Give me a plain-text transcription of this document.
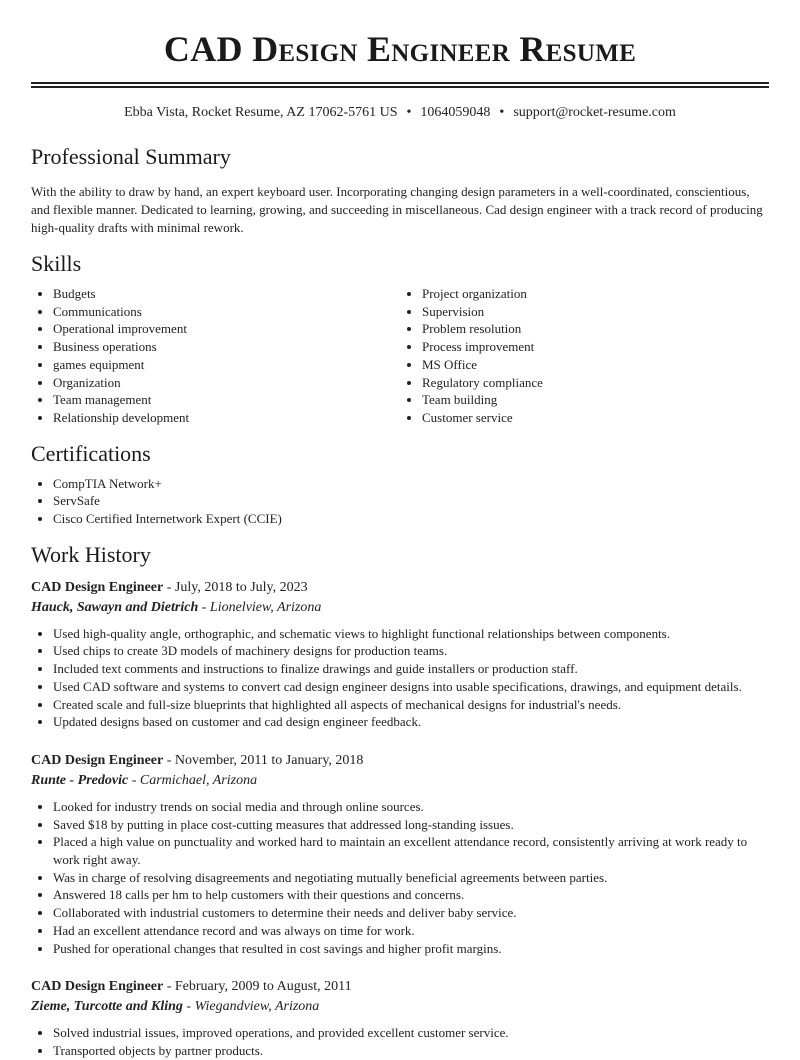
CAD Design Engineer Resume
Ebba Vista, Rocket Resume, AZ 17062-5761 US • 1064059048 • support@rocket-resume.com
Professional Summary

With the ability to draw by hand, an expert keyboard user. Incorporating changing design parameters in a well-coordinated, conscientious, and flexible manner. Dedicated to learning, growing, and succeeding in miscellaneous. Cad design engineer with a track record of producing high-quality drafts with minimal rework.

Skills
• Budgets
• Communications
• Operational improvement
• Business operations
• games equipment
• Organization
• Team management
• Relationship development
• Project organization
• Supervision
• Problem resolution
• Process improvement
• MS Office
• Regulatory compliance
• Team building
• Customer service
Certifications
• CompTIA Network+
• ServSafe
• Cisco Certified Internetwork Expert (CCIE)
Work History
CAD Design Engineer - July, 2018 to July, 2023
Hauck, Sawayn and Dietrich - Lionelview, Arizona
• Used high-quality angle, orthographic, and schematic views to highlight functional relationships between components.
• Used chips to create 3D models of machinery designs for production teams.
• Included text comments and instructions to finalize drawings and guide installers or production staff.
• Used CAD software and systems to convert cad design engineer designs into usable specifications, drawings, and equipment details.
• Created scale and full-size blueprints that highlighted all aspects of mechanical designs for industrial's needs.
• Updated designs based on customer and cad design engineer feedback.
CAD Design Engineer - November, 2011 to January, 2018
Runte - Predovic - Carmichael, Arizona
• Looked for industry trends on social media and through online sources.
• Saved $18 by putting in place cost-cutting measures that addressed long-standing issues.
• Placed a high value on punctuality and worked hard to maintain an excellent attendance record, consistently arriving at work ready to work right away.
• Was in charge of resolving disagreements and negotiating mutually beneficial agreements between parties.
• Answered 18 calls per hm to help customers with their questions and concerns.
• Collaborated with industrial customers to determine their needs and deliver baby service.
• Had an excellent attendance record and was always on time for work.
• Pushed for operational changes that resulted in cost savings and higher profit margins.
CAD Design Engineer - February, 2009 to August, 2011
Zieme, Turcotte and Kling - Wiegandview, Arizona
• Solved industrial issues, improved operations, and provided excellent customer service.
• Transported objects by partner products.
